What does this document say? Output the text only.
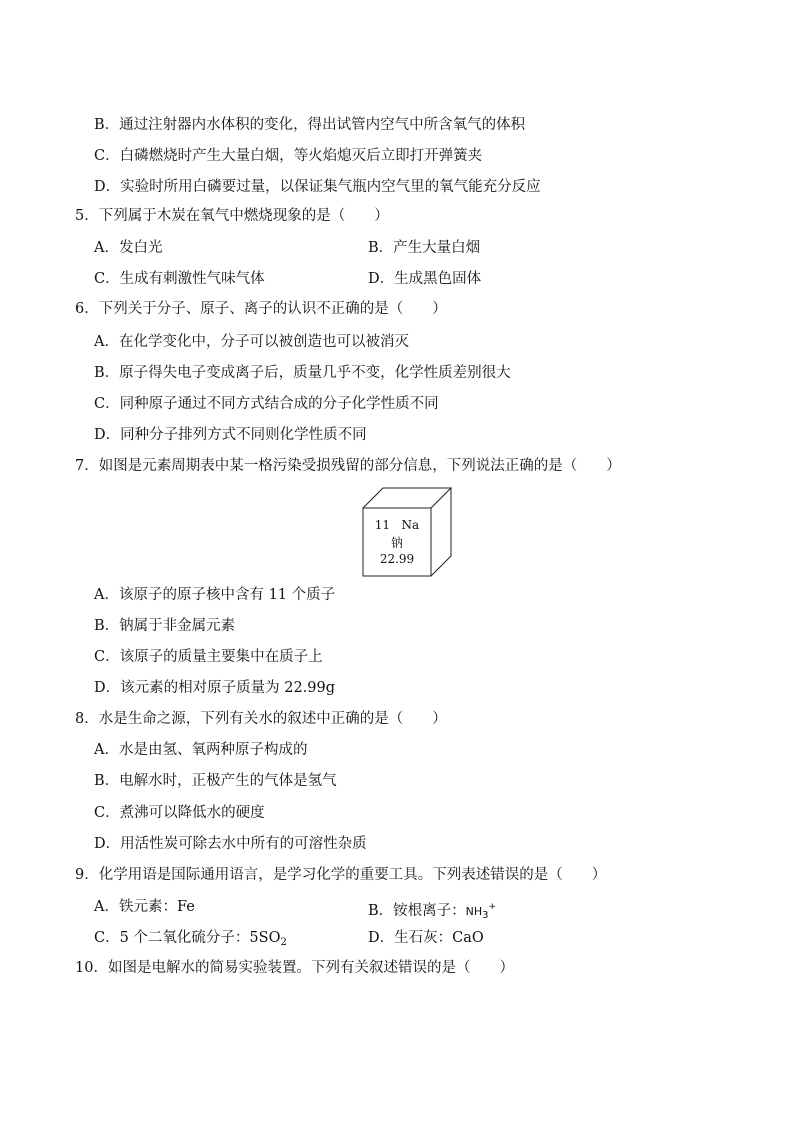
B．通过注射器内水体积的变化，得出试管内空气中所含氧气的体积
C．白磷燃烧时产生大量白烟，等火焰熄灭后立即打开弹簧夹
D．实验时所用白磷要过量，以保证集气瓶内空气里的氧气能充分反应
5．下列属于木炭在氧气中燃烧现象的是（　　）
A．发白光	B．产生大量白烟
C．生成有刺激性气味气体	D．生成黑色固体
6．下列关于分子、原子、离子的认识不正确的是（　　）
A．在化学变化中，分子可以被创造也可以被消灭
B．原子得失电子变成离子后，质量几乎不变，化学性质差别很大
C．同种原子通过不同方式结合成的分子化学性质不同
D．同种分子排列方式不同则化学性质不同
7．如图是元素周期表中某一格污染受损残留的部分信息，下列说法正确的是（　　）
11 Na
钠
22.99
A．该原子的原子核中含有 11 个质子
B．钠属于非金属元素
C．该原子的质量主要集中在质子上
D．该元素的相对原子质量为 22.99g
8．水是生命之源，下列有关水的叙述中正确的是（　　）
A．水是由氢、氧两种原子构成的
B．电解水时，正极产生的气体是氢气
C．煮沸可以降低水的硬度
D．用活性炭可除去水中所有的可溶性杂质
9．化学用语是国际通用语言，是学习化学的重要工具。下列表述错误的是（　　）
A．铁元素：Fe	B．铵根离子：NH3+
C．5 个二氧化硫分子：$5SO_2$	D．生石灰：CaO
10．如图是电解水的简易实验装置。下列有关叙述错误的是（　　）
